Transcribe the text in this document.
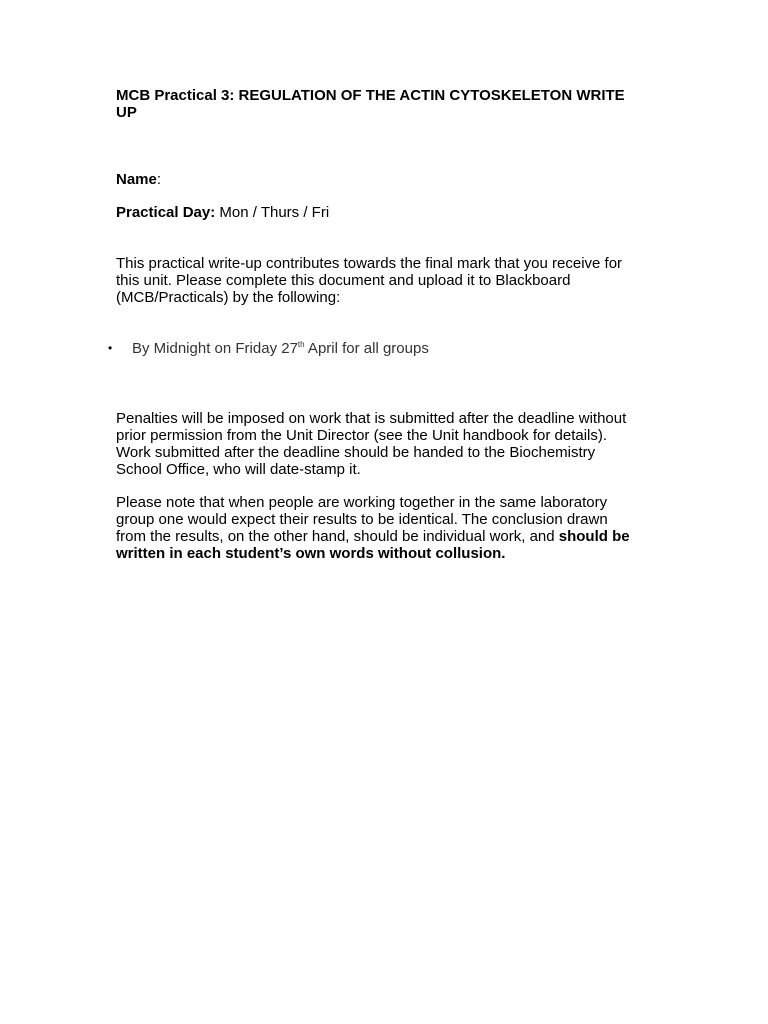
MCB Practical 3: REGULATION OF THE ACTIN CYTOSKELETON WRITE
UP

Name:

Practical Day: Mon / Thurs / Fri

This practical write-up contributes towards the final mark that you receive for
this unit. Please complete this document and upload it to Blackboard
(MCB/Practicals) by the following:

• By Midnight on Friday 27th April for all groups

Penalties will be imposed on work that is submitted after the deadline without
prior permission from the Unit Director (see the Unit handbook for details).
Work submitted after the deadline should be handed to the Biochemistry
School Office, who will date-stamp it.

Please note that when people are working together in the same laboratory
group one would expect their results to be identical. The conclusion drawn
from the results, on the other hand, should be individual work, and should be
written in each student’s own words without collusion.
